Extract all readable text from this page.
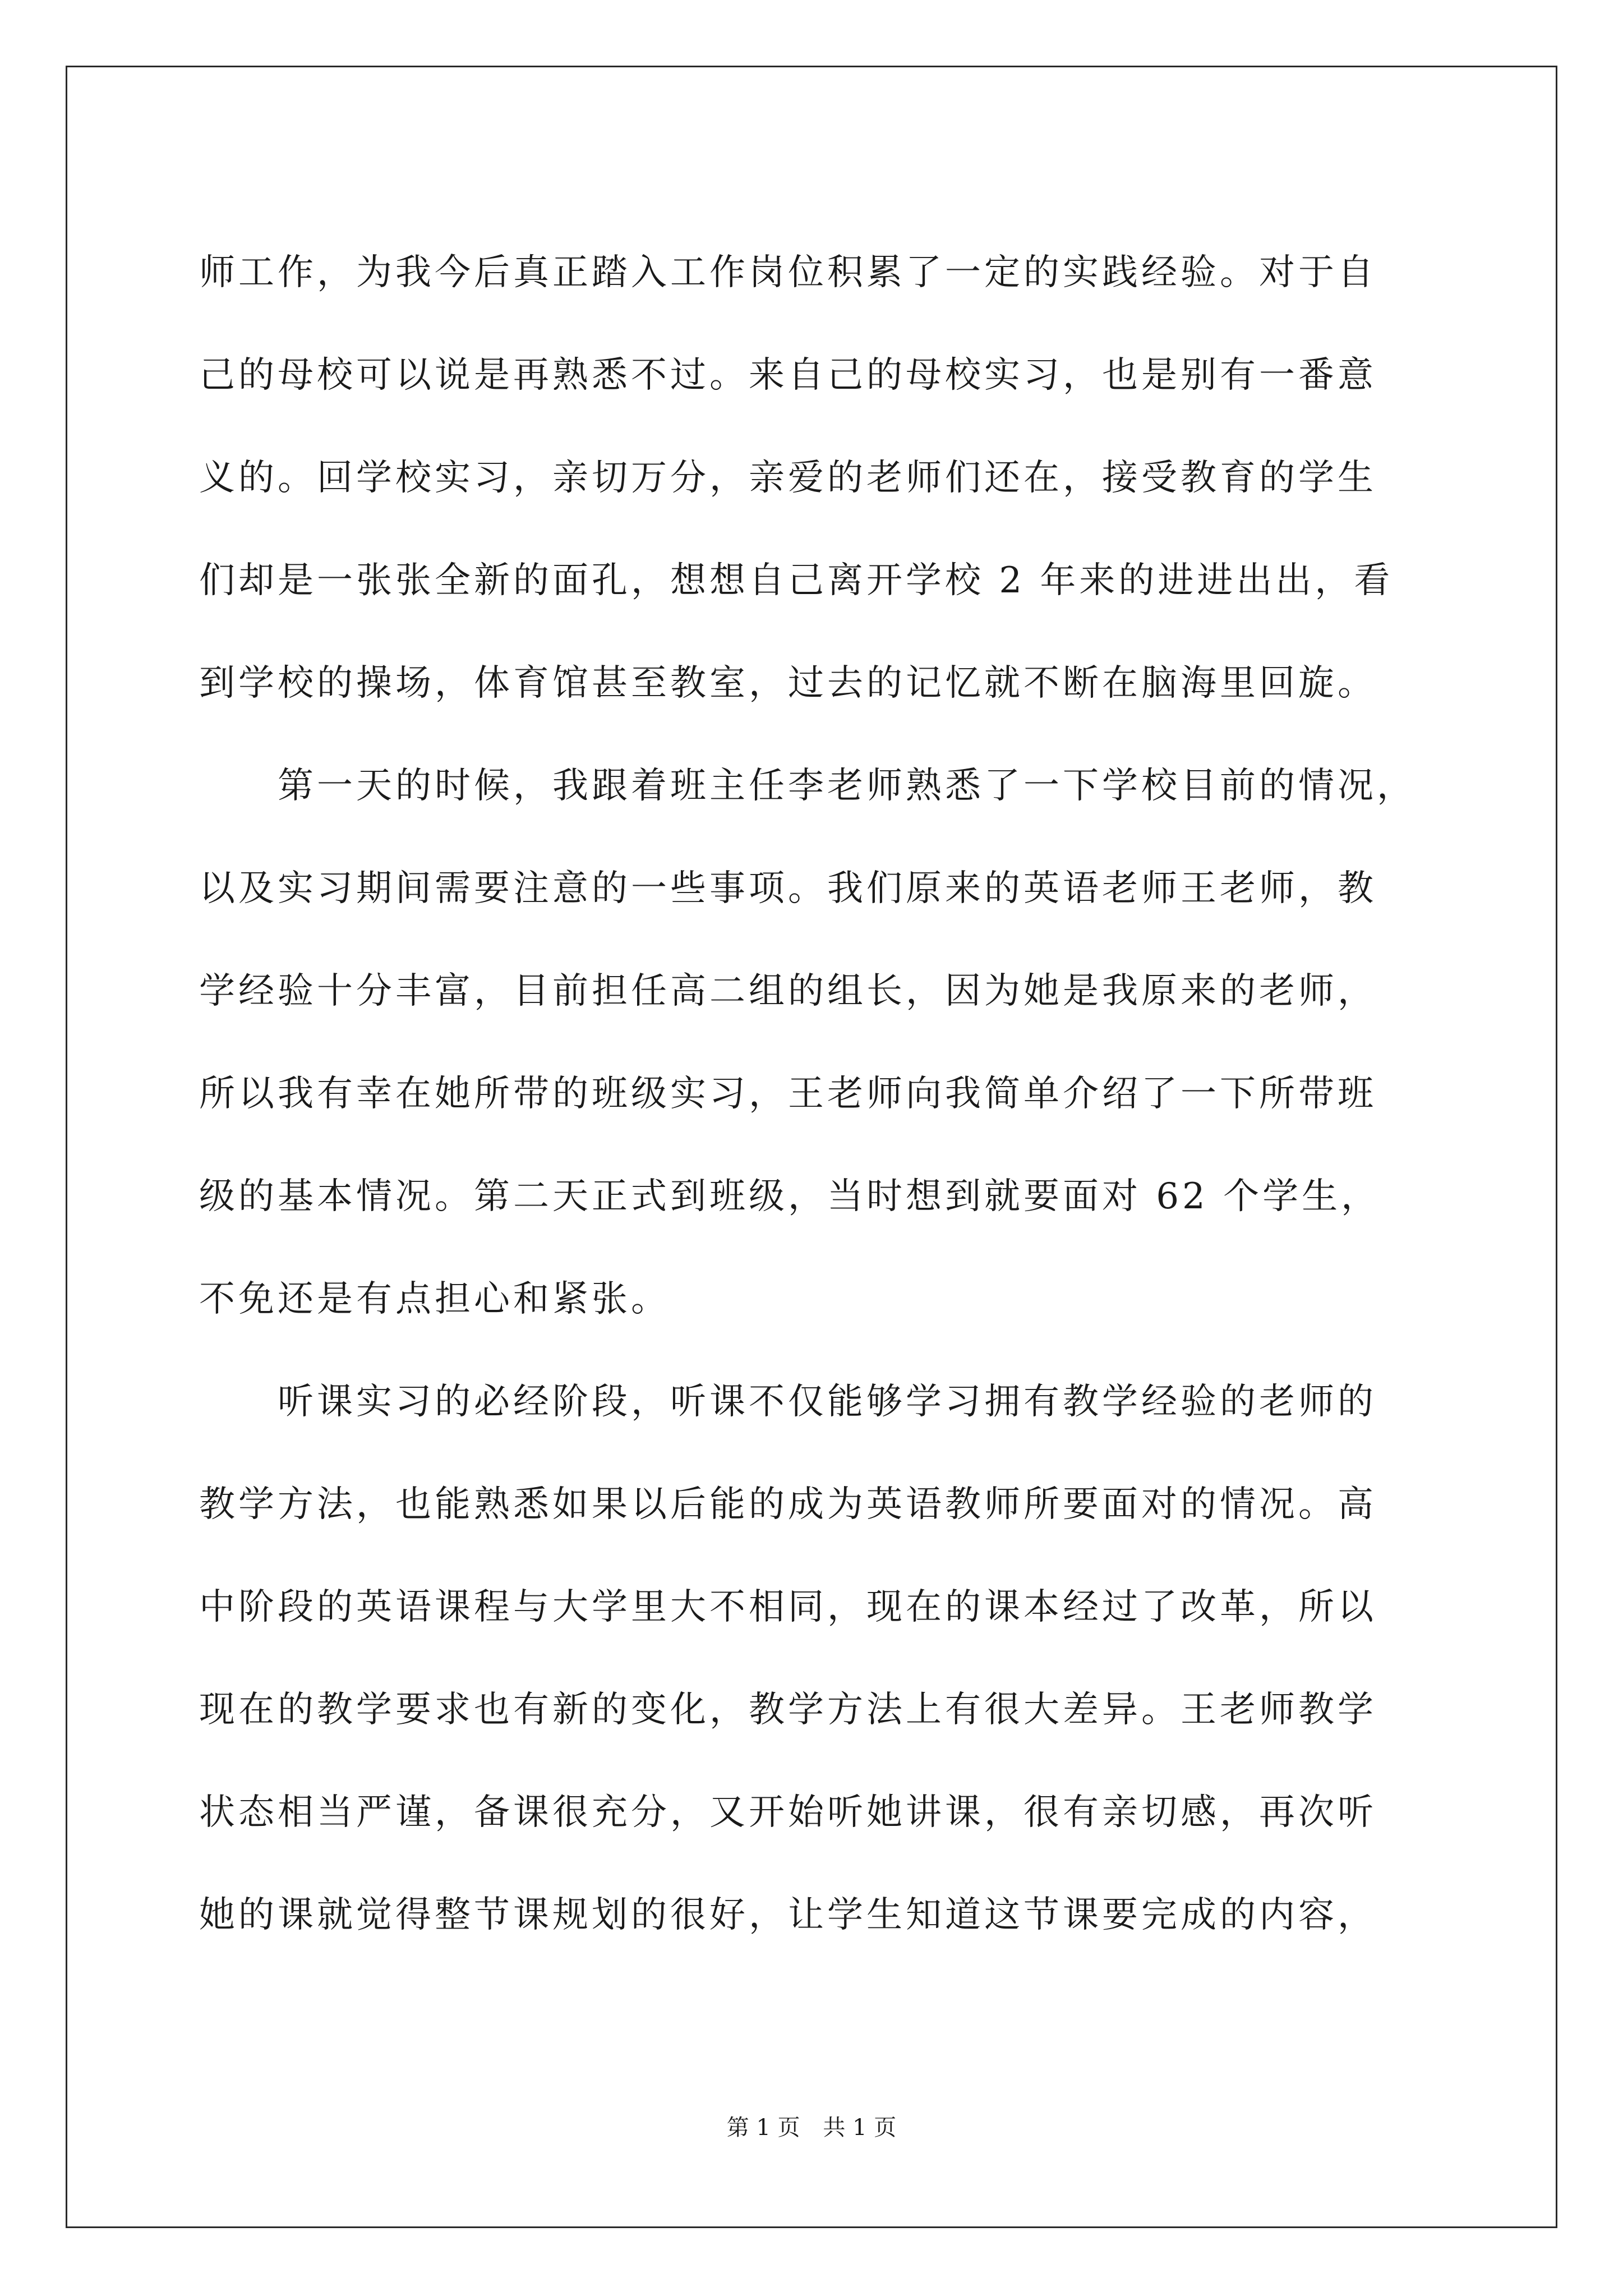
师工作，为我今后真正踏入工作岗位积累了一定的实践经验。对于自
己的母校可以说是再熟悉不过。来自己的母校实习，也是别有一番意
义的。回学校实习，亲切万分，亲爱的老师们还在，接受教育的学生
们却是一张张全新的面孔，想想自己离开学校 2 年来的进进出出，看
到学校的操场，体育馆甚至教室，过去的记忆就不断在脑海里回旋。
第一天的时候，我跟着班主任李老师熟悉了一下学校目前的情况，
以及实习期间需要注意的一些事项。我们原来的英语老师王老师，教
学经验十分丰富，目前担任高二组的组长，因为她是我原来的老师，
所以我有幸在她所带的班级实习，王老师向我简单介绍了一下所带班
级的基本情况。第二天正式到班级，当时想到就要面对 62 个学生，
不免还是有点担心和紧张。
听课实习的必经阶段，听课不仅能够学习拥有教学经验的老师的
教学方法，也能熟悉如果以后能的成为英语教师所要面对的情况。高
中阶段的英语课程与大学里大不相同，现在的课本经过了改革，所以
现在的教学要求也有新的变化，教学方法上有很大差异。王老师教学
状态相当严谨，备课很充分，又开始听她讲课，很有亲切感，再次听
她的课就觉得整节课规划的很好，让学生知道这节课要完成的内容，
第 1 页 共 1 页
